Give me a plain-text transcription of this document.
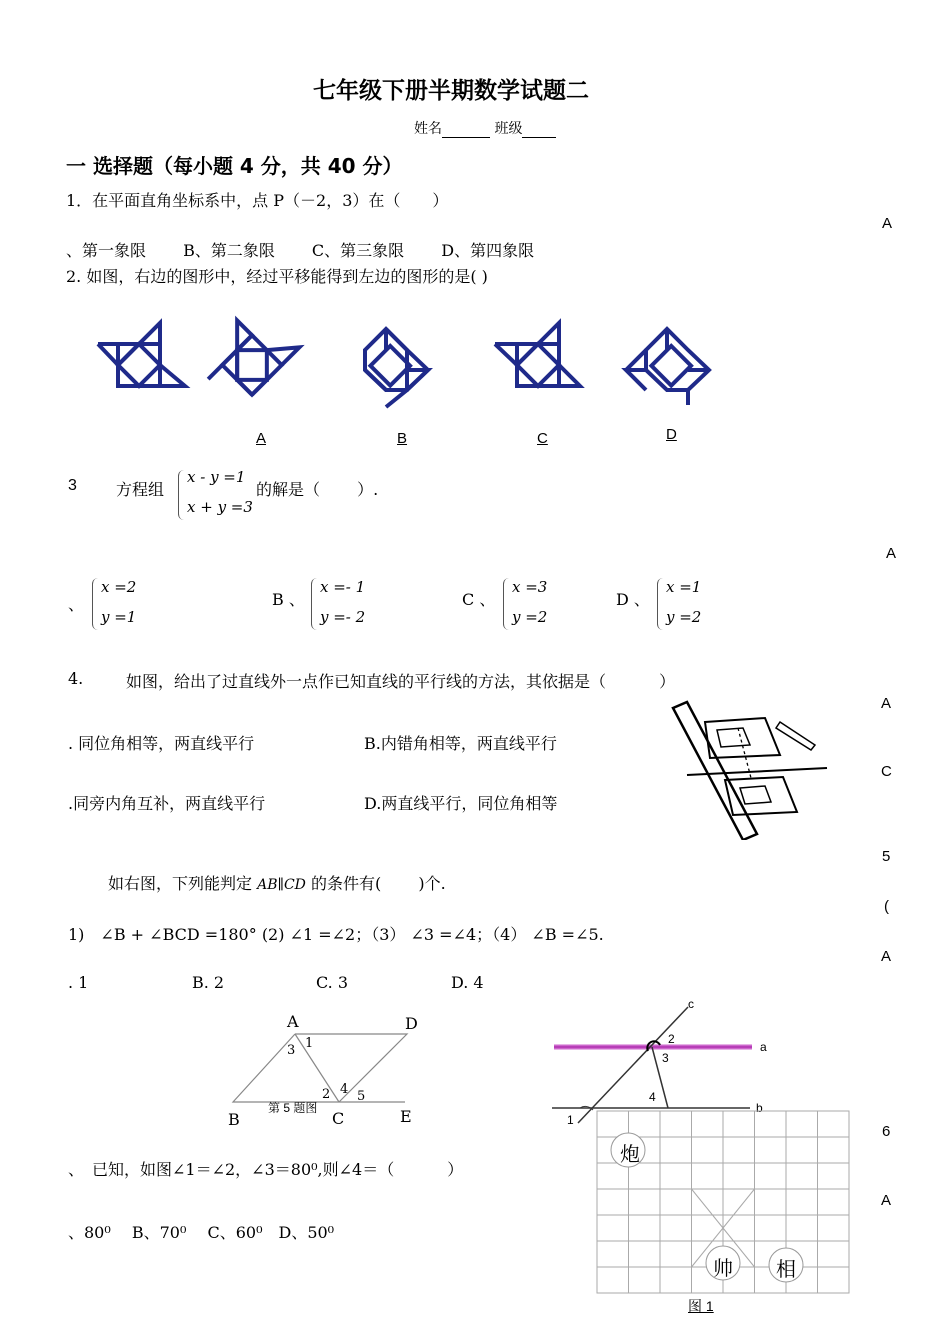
七年级下册半期数学试题二
姓名	班级
一 选择题（每小题 4 分，共 40 分）
1．在平面直角坐标系中，点 P（－2，3）在（　　）
、第一象限　　 B、第二象限　　 C、第三象限　　 D、第四象限
2. 如图，右边的图形中，经过平移能得到左边的图形的是( )
A	B	C	D
3 方程组
x - y =1
x + y =3
的解是（　　 ）.
、
x =2
y =1
B 、
x =- 1
y =- 2
C 、
x =3
y =2
D 、
x =1
y =2
4.	如图，给出了过直线外一点作已知直线的平行线的方法，其依据是（　　　 ）
. 同位角相等，两直线平行	B.内错角相等，两直线平行
.同旁内角互补，两直线平行	D.两直线平行，同位角相等
如右图，下列能判定 AB∥CD 的条件有(　　 )个.
1)　∠B + ∠BCD =180° (2) ∠1 =∠2；（3） ∠3 =∠4；（4） ∠B =∠5.
. 1	B. 2	C. 3	D. 4
A	D
B	C	E
1
2
3
4 5
第 5 题图
、　已知，如图∠1＝∠2，∠3＝80⁰,则∠4＝（　　　 ）
、80⁰　 B、70⁰　 C、60⁰　D、50⁰
c
a
b
1
2
3
4
炮
帅 相
图 1
A
A
A
C
5
(
A
6
A
